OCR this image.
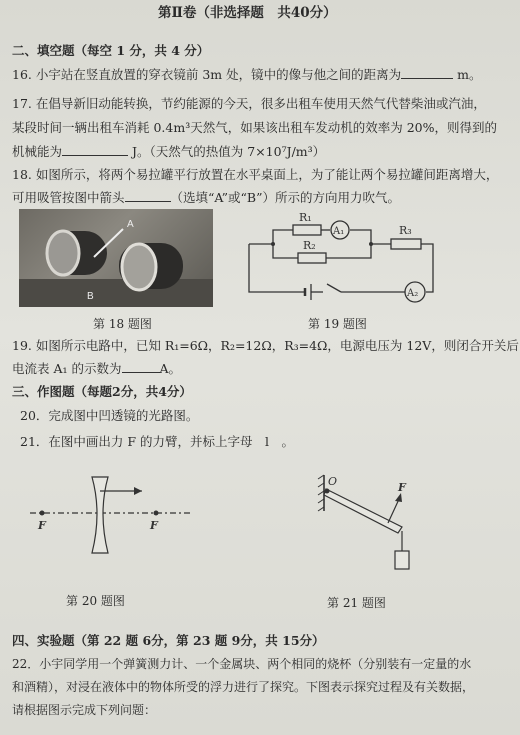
第Ⅱ卷（非选择题　共40分）
二、填空题（每空 1 分，共 4 分）
16. 小宇站在竖直放置的穿衣镜前 3m 处，镜中的像与他之间的距离为	m。
17. 在倡导新旧动能转换，节约能源的今天，很多出租车使用天然气代替柴油或汽油，
某段时间一辆出租车消耗 0.4m³天然气，如果该出租车发动机的效率为 20%，则得到的
机械能为	J。（天然气的热值为 7×10⁷J/m³）
18. 如图所示，将两个易拉罐平行放置在水平桌面上，为了能让两个易拉罐间距离增大，
可用吸管按图中箭头	（选填“A”或“B”）所示的方向用力吹气。
A
B
第 18 题图
R₁
R₂
R₃
A₁
A₂
第 19 题图
19. 如图所示电路中，已知 R₁=6Ω，R₂=12Ω，R₃=4Ω，电源电压为 12V，则闭合开关后
电流表 A₁ 的示数为	A。
三、作图题（每题2分，共4分）
20．完成图中凹透镜的光路图。
21．在图中画出力 F 的力臂，并标上字母　l　。
F	F
第 20 题图
O	F
第 21 题图
四、实验题（第 22 题 6分，第 23 题 9分，共 15分）
22．小宇同学用一个弹簧测力计、一个金属块、两个相同的烧杯（分别装有一定量的水
和酒精），对浸在液体中的物体所受的浮力进行了探究。下图表示探究过程及有关数据，
请根据图示完成下列问题：
